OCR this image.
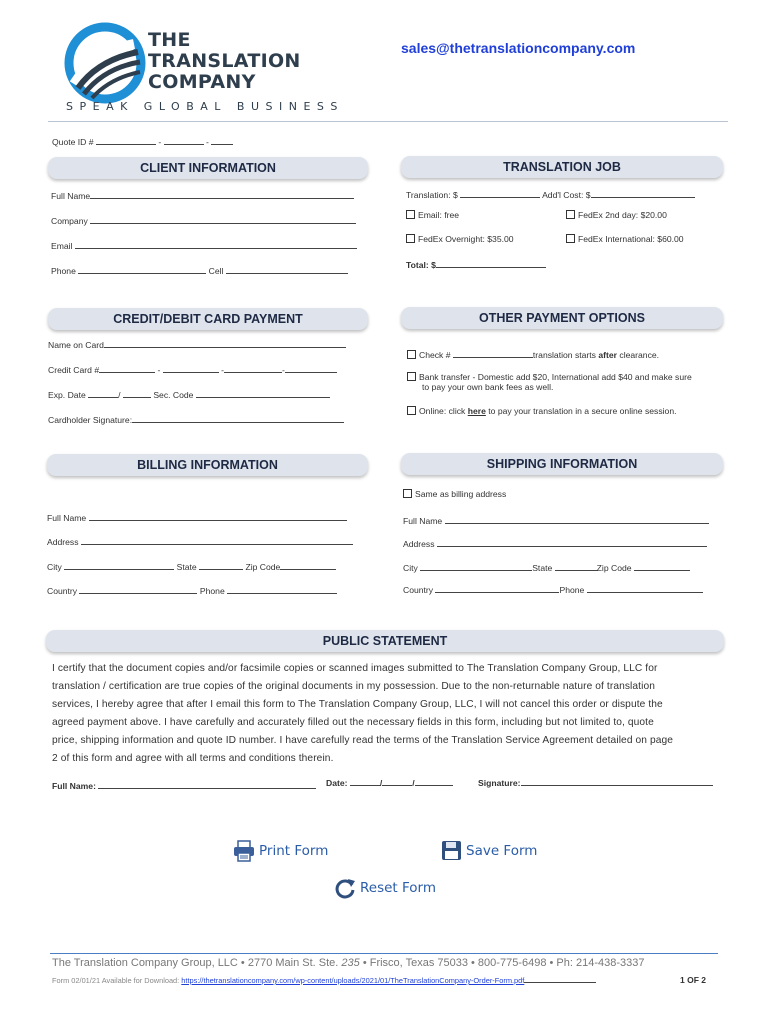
THE
TRANSLATION
COMPANY
SPEAK GLOBAL BUSINESS
sales@thetranslationcompany.com
Quote ID #	-	-
CLIENT INFORMATION
Full Name
Company
Email
Phone	Cell
TRANSLATION JOB
Translation: $	Add'l Cost: $
Email: free	FedEx 2nd day: $20.00
FedEx Overnight: $35.00	FedEx International: $60.00
Total: $
CREDIT/DEBIT CARD PAYMENT
Name on Card
Credit Card #	-	-	-
Exp. Date	/	Sec. Code
Cardholder Signature:
OTHER PAYMENT OPTIONS
Check #	translation starts after clearance.
Bank transfer - Domestic add $20, International add $40 and make sure
to pay your own bank fees as well.
Online: click here to pay your translation in a secure online session.
BILLING INFORMATION
Full Name
Address
City	State	Zip Code
Country	Phone
SHIPPING INFORMATION
Same as billing address
Full Name
Address
City	State	Zip Code
Country	Phone
PUBLIC STATEMENT
I certify that the document copies and/or facsimile copies or scanned images submitted to The Translation Company Group, LLC for
translation / certification are true copies of the original documents in my possession. Due to the non-returnable nature of translation
services, I hereby agree that after I email this form to The Translation Company Group, LLC, I will not cancel this order or dispute the
agreed payment above. I have carefully and accurately filled out the necessary fields in this form, including but not limited to, quote
price, shipping information and quote ID number. I have carefully read the terms of the Translation Service Agreement detailed on page
2 of this form and agree with all terms and conditions therein.
Full Name:	Date:	/	/	Signature:
Print Form	Save Form
Reset Form
The Translation Company Group, LLC • 2770 Main St. Ste. 235 • Frisco, Texas 75033 • 800-775-6498 • Ph: 214-438-3337
Form 02/01/21 Available for Download: https://thetranslationcompany.com/wp-content/uploads/2021/01/TheTranslationCompany-Order-Form.pdf	1 OF 2
